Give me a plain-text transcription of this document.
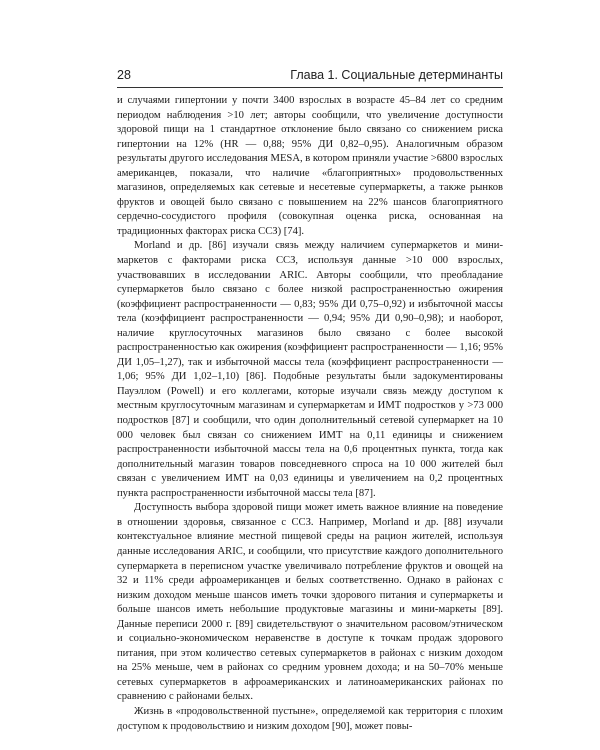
28	Глава 1. Социальные детерминанты

и случаями гипертонии у почти 3400 взрослых в возрасте 45–84 лет со средним периодом наблюдения >10 лет; авторы сообщили, что увеличение доступности здоровой пищи на 1 стандартное отклонение было связано со снижением риска гипертонии на 12% (HR — 0,88; 95% ДИ 0,82–0,95). Аналогичным образом результаты другого исследования MESA, в котором приняли участие >6800 взрослых американцев, показали, что наличие «благоприятных» продовольственных магазинов, определяемых как сетевые и несетевые супермаркеты, а также рынков фруктов и овощей было связано с повышением на 22% шансов благоприятного сердечно-сосудистого профиля (совокупная оценка риска, основанная на традиционных факторах риска ССЗ) [74].

Morland и др. [86] изучали связь между наличием супермаркетов и мини-маркетов с факторами риска ССЗ, используя данные >10 000 взрослых, участвовавших в исследовании ARIC. Авторы сообщили, что преобладание супермаркетов было связано с более низкой распространенностью ожирения (коэффициент распространенности — 0,83; 95% ДИ 0,75–0,92) и избыточной массы тела (коэффициент распространенности — 0,94; 95% ДИ 0,90–0,98); и наоборот, наличие круглосуточных магазинов было связано с более высокой распространенностью как ожирения (коэффициент распространенности — 1,16; 95% ДИ 1,05–1,27), так и избыточной массы тела (коэффициент распространенности — 1,06; 95% ДИ 1,02–1,10) [86]. Подобные результаты были задокументированы Пауэллом (Powell) и его коллегами, которые изучали связь между доступом к местным круглосуточным магазинам и супермаркетам и ИМТ подростков у >73 000 подростков [87] и сообщили, что один дополнительный сетевой супермаркет на 10 000 человек был связан со снижением ИМТ на 0,11 единицы и снижением распространенности избыточной массы тела на 0,6 процентных пункта, тогда как дополнительный магазин товаров повседневного спроса на 10 000 жителей был связан с увеличением ИМТ на 0,03 единицы и увеличением на 0,2 процентных пункта распространенности избыточной массы тела [87].

Доступность выбора здоровой пищи может иметь важное влияние на поведение в отношении здоровья, связанное с ССЗ. Например, Morland и др. [88] изучали контекстуальное влияние местной пищевой среды на рацион жителей, используя данные исследования ARIC, и сообщили, что присутствие каждого дополнительного супермаркета в переписном участке увеличивало потребление фруктов и овощей на 32 и 11% среди афроамериканцев и белых соответственно. Однако в районах с низким доходом меньше шансов иметь точки здорового питания и супермаркеты и больше шансов иметь небольшие продуктовые магазины и мини-маркеты [89]. Данные переписи 2000 г. [89] свидетельствуют о значительном расовом/этническом и социально-экономическом неравенстве в доступе к точкам продаж здорового питания, при этом количество сетевых супермаркетов в районах с низким доходом на 25% меньше, чем в районах со средним уровнем дохода; и на 50–70% меньше сетевых супермаркетов в афроамериканских и латиноамериканских районах по сравнению с районами белых.

Жизнь в «продовольственной пустыне», определяемой как территория с плохим доступом к продовольствию и низким доходом [90], может повы-
